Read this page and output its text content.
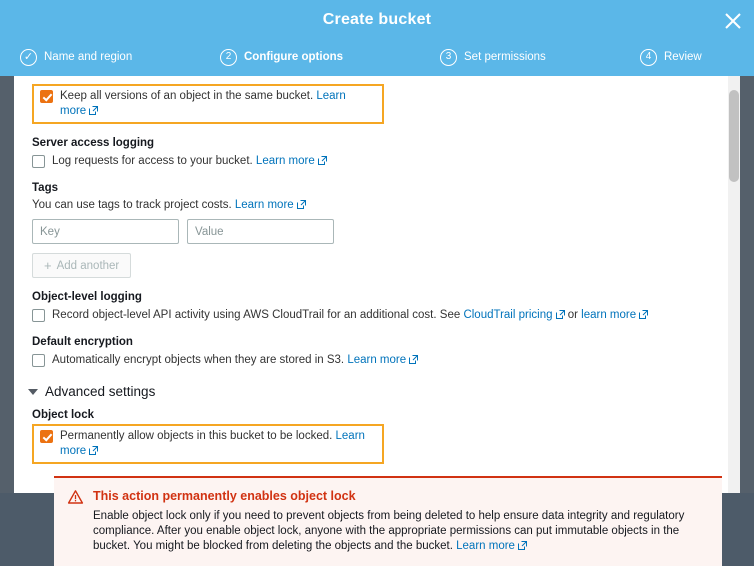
Create bucket
✓ Name and region	2	Configure options	3	Set permissions	4	Review
Keep all versions of an object in the same bucket. Learn more
Server access logging
Log requests for access to your bucket. Learn more
Tags
You can use tags to track project costs. Learn more
Key
Value
+ Add another
Object-level logging
Record object-level API activity using AWS CloudTrail for an additional cost. See CloudTrail pricing or learn more
Default encryption
Automatically encrypt objects when they are stored in S3. Learn more
Advanced settings
Object lock
Permanently allow objects in this bucket to be locked. Learn more
This action permanently enables object lock
Enable object lock only if you need to prevent objects from being deleted to help ensure data integrity and regulatory compliance. After you enable object lock, anyone with the appropriate permissions can put immutable objects in the bucket. You might be blocked from deleting the objects and the bucket. Learn more
